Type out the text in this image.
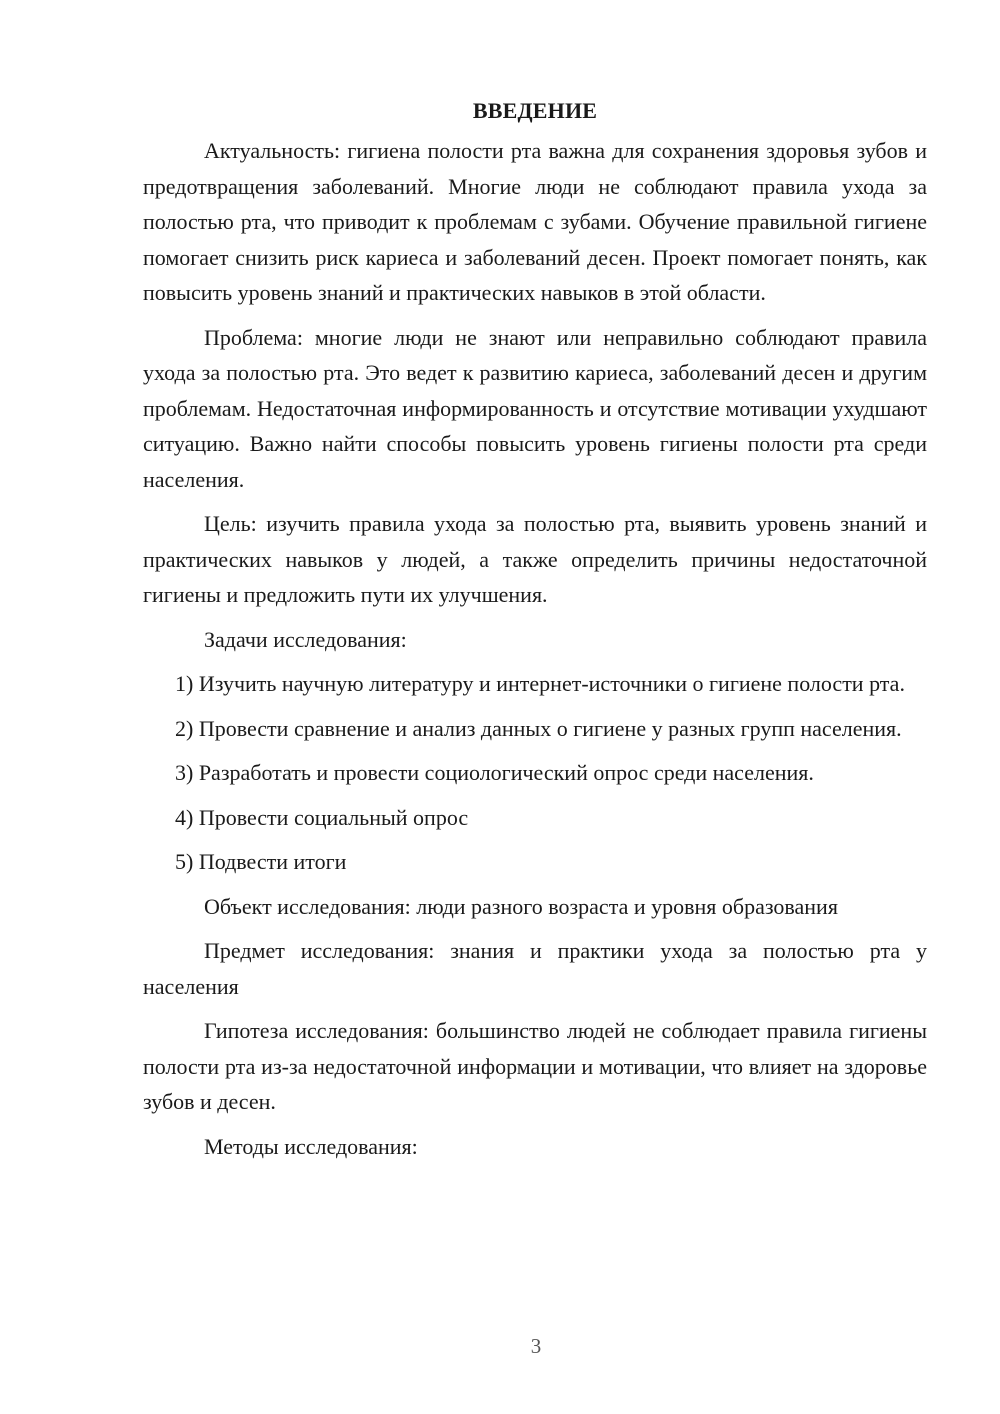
ВВЕДЕНИЕ

Актуальность: гигиена полости рта важна для сохранения здоровья зубов и предотвращения заболеваний. Многие люди не соблюдают правила ухода за полостью рта, что приводит к проблемам с зубами. Обучение правильной гигиене помогает снизить риск кариеса и заболеваний десен. Проект помогает понять, как повысить уровень знаний и практических навыков в этой области.

Проблема: многие люди не знают или неправильно соблюдают правила ухода за полостью рта. Это ведет к развитию кариеса, заболеваний десен и другим проблемам. Недостаточная информированность и отсутствие мотивации ухудшают ситуацию. Важно найти способы повысить уровень гигиены полости рта среди населения.

Цель: изучить правила ухода за полостью рта, выявить уровень знаний и практических навыков у людей, а также определить причины недостаточной гигиены и предложить пути их улучшения.

Задачи исследования:

1) Изучить научную литературу и интернет-источники о гигиене полости рта.

2) Провести сравнение и анализ данных о гигиене у разных групп населения.

3) Разработать и провести социологический опрос среди населения.

4) Провести социальный опрос

5) Подвести итоги

Объект исследования: люди разного возраста и уровня образования

Предмет исследования: знания и практики ухода за полостью рта у населения

Гипотеза исследования: большинство людей не соблюдает правила гигиены полости рта из-за недостаточной информации и мотивации, что влияет на здоровье зубов и десен.

Методы исследования:

3
